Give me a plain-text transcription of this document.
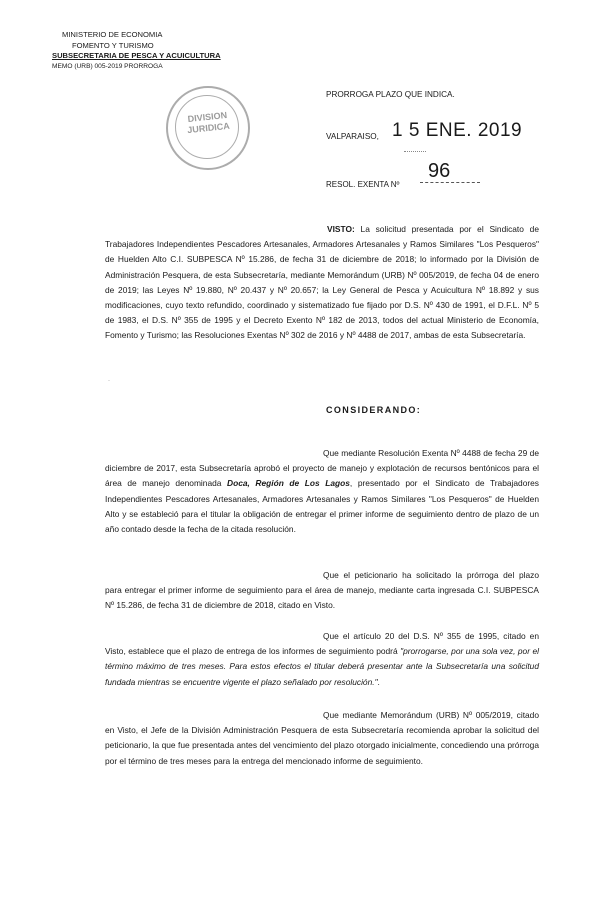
MINISTERIO DE ECONOMIA
FOMENTO Y TURISMO
SUBSECRETARIA DE PESCA Y ACUICULTURA
MEMO (URB) 005-2019 PRORROGA
DIVISION
JURIDICA
PRORROGA PLAZO QUE INDICA.
VALPARAISO, 1 5 ENE. 2019
RESOL. EXENTA Nº
96

VISTO: La solicitud presentada por el Sindicato de Trabajadores Independientes Pescadores Artesanales, Armadores Artesanales y Ramos Similares "Los Pesqueros" de Huelden Alto C.I. SUBPESCA Nº 15.286, de fecha 31 de diciembre de 2018; lo informado por la División de Administración Pesquera, de esta Subsecretaría, mediante Memorándum (URB) Nº 005/2019, de fecha 04 de enero de 2019; las Leyes Nº 19.880, Nº 20.437 y Nº 20.657; la Ley General de Pesca y Acuicultura Nº 18.892 y sus modificaciones, cuyo texto refundido, coordinado y sistematizado fue fijado por D.S. Nº 430 de 1991, el D.F.L. Nº 5 de 1983, el D.S. Nº 355 de 1995 y el Decreto Exento Nº 182 de 2013, todos del actual Ministerio de Economía, Fomento y Turismo; las Resoluciones Exentas Nº 302 de 2016 y Nº 4488 de 2017, ambas de esta Subsecretaría.

·
CONSIDERANDO:

Que mediante Resolución Exenta Nº 4488 de fecha 29 de diciembre de 2017, esta Subsecretaría aprobó el proyecto de manejo y explotación de recursos bentónicos para el área de manejo denominada Doca, Región de Los Lagos, presentado por el Sindicato de Trabajadores Independientes Pescadores Artesanales, Armadores Artesanales y Ramos Similares "Los Pesqueros" de Huelden Alto y se estableció para el titular la obligación de entregar el primer informe de seguimiento dentro de plazo de un año contado desde la fecha de la citada resolución.

Que el peticionario ha solicitado la prórroga del plazo para entregar el primer informe de seguimiento para el área de manejo, mediante carta ingresada C.I. SUBPESCA Nº 15.286, de fecha 31 de diciembre de 2018, citado en Visto.

Que el artículo 20 del D.S. Nº 355 de 1995, citado en Visto, establece que el plazo de entrega de los informes de seguimiento podrá "prorrogarse, por una sola vez, por el término máximo de tres meses. Para estos efectos el titular deberá presentar ante la Subsecretaría una solicitud fundada mientras se encuentre vigente el plazo señalado por resolución.".

Que mediante Memorándum (URB) Nº 005/2019, citado en Visto, el Jefe de la División Administración Pesquera de esta Subsecretaría recomienda aprobar la solicitud del peticionario, la que fue presentada antes del vencimiento del plazo otorgado inicialmente, concediendo una prórroga por el término de tres meses para la entrega del mencionado informe de seguimiento.
